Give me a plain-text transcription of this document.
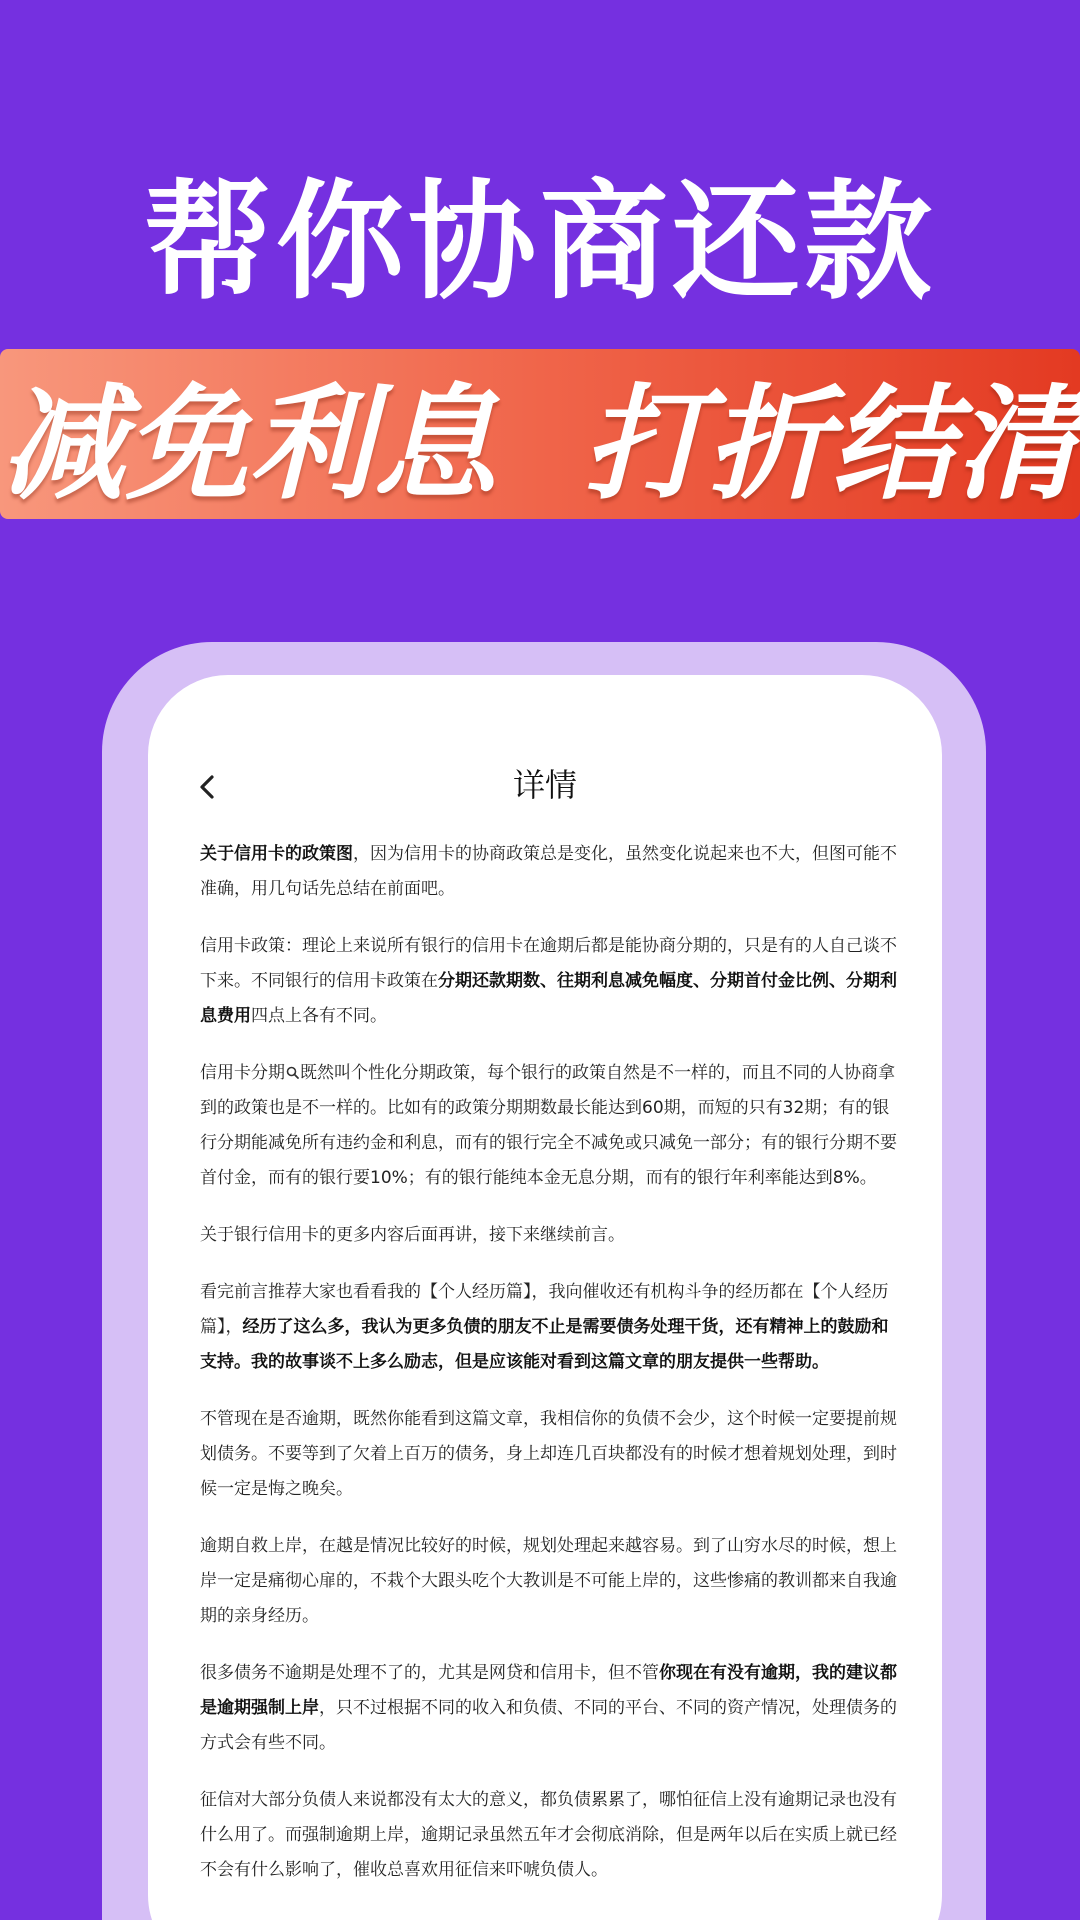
帮你协商还款
减免利息  打折结清
详情

关于信用卡的政策图，因为信用卡的协商政策总是变化，虽然变化说起来也不大，但图可能不准确，用几句话先总结在前面吧。

信用卡政策：理论上来说所有银行的信用卡在逾期后都是能协商分期的，只是有的人自己谈不下来。不同银行的信用卡政策在分期还款期数、往期利息减免幅度、分期首付金比例、分期利息费用四点上各有不同。

信用卡分期 既然叫个性化分期政策，每个银行的政策自然是不一样的，而且不同的人协商拿到的政策也是不一样的。比如有的政策分期期数最长能达到60期，而短的只有32期；有的银行分期能减免所有违约金和利息，而有的银行完全不减免或只减免一部分；有的银行分期不要首付金，而有的银行要10%；有的银行能纯本金无息分期，而有的银行年利率能达到8%。

关于银行信用卡的更多内容后面再讲，接下来继续前言。

看完前言推荐大家也看看我的【个人经历篇】，我向催收还有机构斗争的经历都在【个人经历篇】，经历了这么多，我认为更多负债的朋友不止是需要债务处理干货，还有精神上的鼓励和支持。我的故事谈不上多么励志，但是应该能对看到这篇文章的朋友提供一些帮助。

不管现在是否逾期，既然你能看到这篇文章，我相信你的负债不会少，这个时候一定要提前规划债务。不要等到了欠着上百万的债务，身上却连几百块都没有的时候才想着规划处理，到时候一定是悔之晚矣。

逾期自救上岸，在越是情况比较好的时候，规划处理起来越容易。到了山穷水尽的时候，想上岸一定是痛彻心扉的，不栽个大跟头吃个大教训是不可能上岸的，这些惨痛的教训都来自我逾期的亲身经历。

很多债务不逾期是处理不了的，尤其是网贷和信用卡，但不管你现在有没有逾期，我的建议都是逾期强制上岸，只不过根据不同的收入和负债、不同的平台、不同的资产情况，处理债务的方式会有些不同。

征信对大部分负债人来说都没有太大的意义，都负债累累了，哪怕征信上没有逾期记录也没有什么用了。而强制逾期上岸，逾期记录虽然五年才会彻底消除，但是两年以后在实质上就已经不会有什么影响了，催收总喜欢用征信来吓唬负债人。
